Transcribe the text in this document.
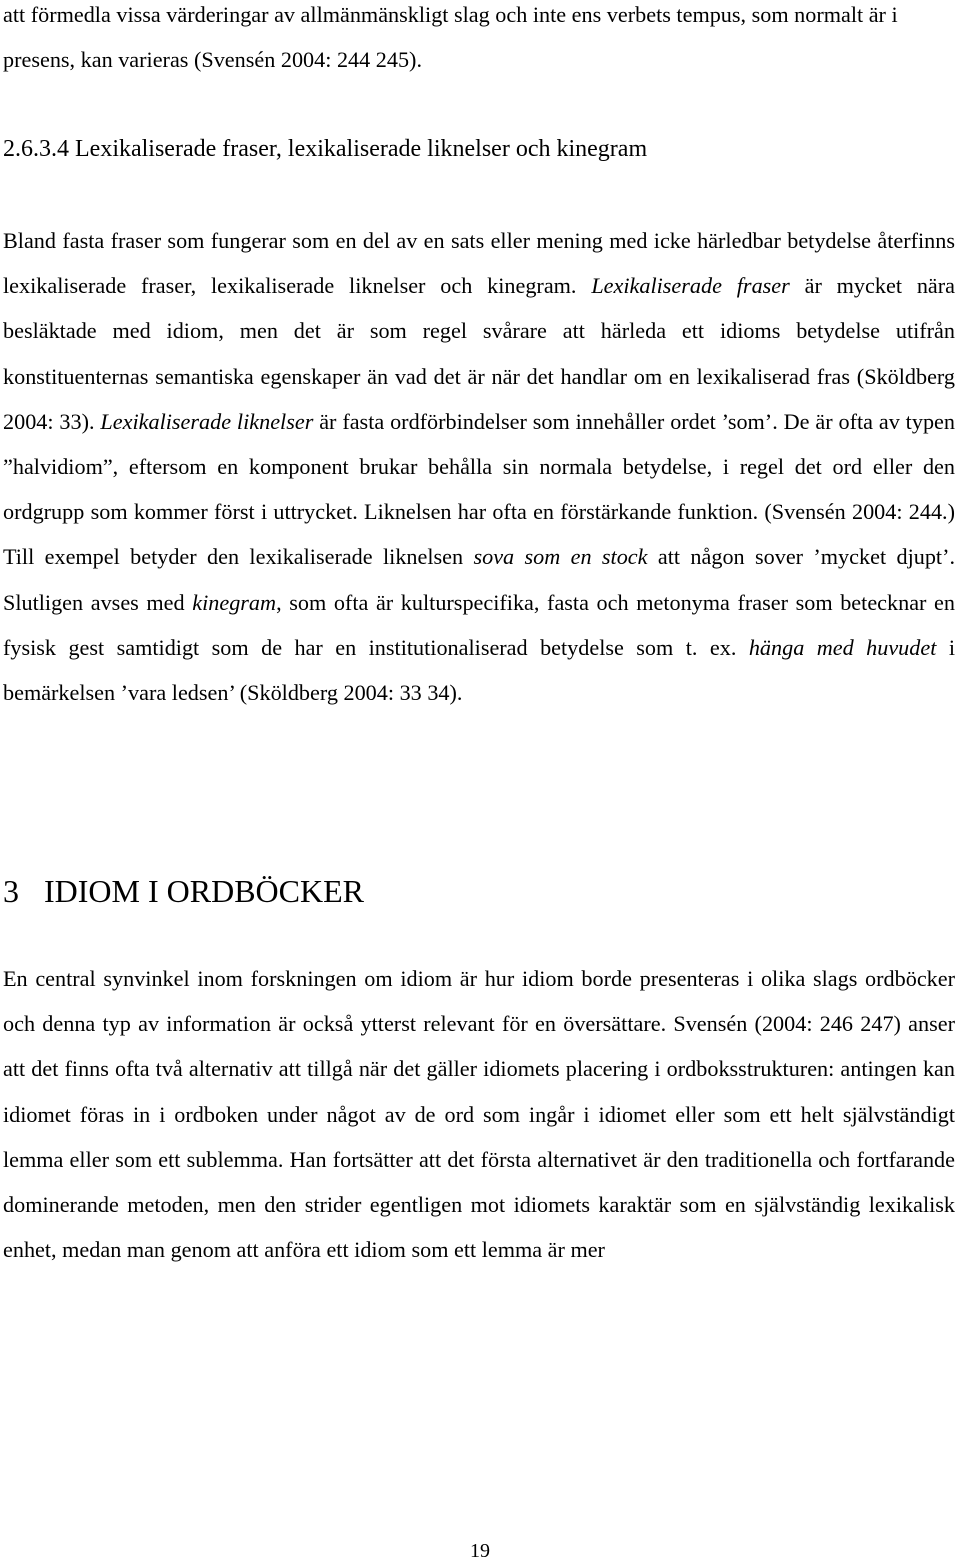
att förmedla vissa värderingar av allmänmänskligt slag och inte ens verbets tempus, som normalt är i presens, kan varieras (Svensén 2004: 244 245).

2.6.3.4 Lexikaliserade fraser, lexikaliserade liknelser och kinegram

Bland fasta fraser som fungerar som en del av en sats eller mening med icke härledbar betydelse återfinns lexikaliserade fraser, lexikaliserade liknelser och kinegram. Lexikaliserade fraser är mycket nära besläktade med idiom, men det är som regel svårare att härleda ett idioms betydelse utifrån konstituenternas semantiska egenskaper än vad det är när det handlar om en lexikaliserad fras (Sköldberg 2004: 33). Lexikaliserade liknelser är fasta ordförbindelser som innehåller ordet ’som’. De är ofta av typen ”halvidiom”, eftersom en komponent brukar behålla sin normala betydelse, i regel det ord eller den ordgrupp som kommer först i uttrycket. Liknelsen har ofta en förstärkande funktion. (Svensén 2004: 244.) Till exempel betyder den lexikaliserade liknelsen sova som en stock att någon sover ’mycket djupt’. Slutligen avses med kinegram, som ofta är kulturspecifika, fasta och metonyma fraser som betecknar en fysisk gest samtidigt som de har en institutionaliserad betydelse som t. ex. hänga med huvudet i bemärkelsen ’vara ledsen’ (Sköldberg 2004: 33 34).

3 IDIOM I ORDBÖCKER

En central synvinkel inom forskningen om idiom är hur idiom borde presenteras i olika slags ordböcker och denna typ av information är också ytterst relevant för en översättare. Svensén (2004: 246 247) anser att det finns ofta två alternativ att tillgå när det gäller idiomets placering i ordboksstrukturen: antingen kan idiomet föras in i ordboken under något av de ord som ingår i idiomet eller som ett helt självständigt lemma eller som ett sublemma. Han fortsätter att det första alternativet är den traditionella och fortfarande dominerande metoden, men den strider egentligen mot idiomets karaktär som en självständig lexikalisk enhet, medan man genom att anföra ett idiom som ett lemma är mer

19
